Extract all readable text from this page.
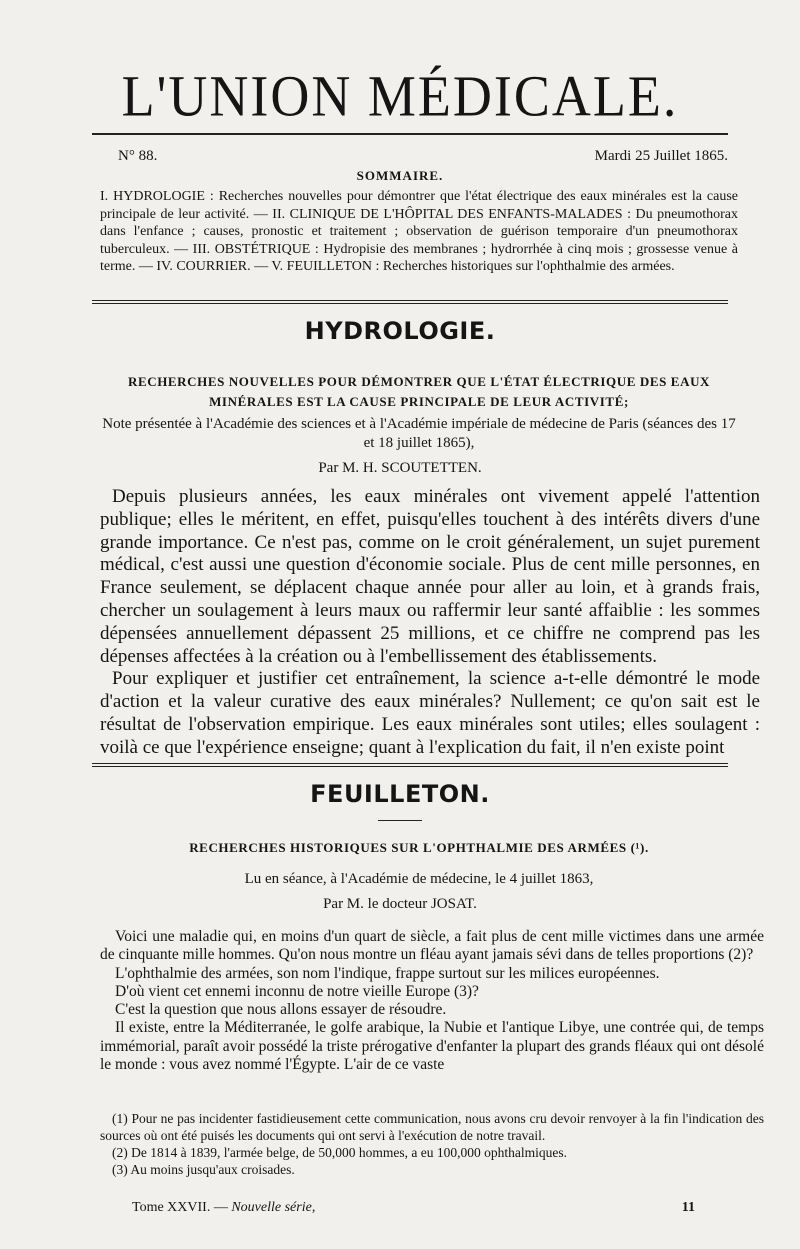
L'UNION MÉDICALE.
N° 88.	Mardi 25 Juillet 1865.
SOMMAIRE.
I. HYDROLOGIE : Recherches nouvelles pour démontrer que l'état électrique des eaux minérales est la cause principale de leur activité. — II. CLINIQUE DE L'HÔPITAL DES ENFANTS-MALADES : Du pneumothorax dans l'enfance ; causes, pronostic et traitement ; observation de guérison temporaire d'un pneumothorax tuberculeux. — III. OBSTÉTRIQUE : Hydropisie des membranes ; hydrorrhée à cinq mois ; grossesse venue à terme. — IV. COURRIER. — V. FEUILLETON : Recherches historiques sur l'ophthalmie des armées.
HYDROLOGIE.
RECHERCHES NOUVELLES POUR DÉMONTRER QUE L'ÉTAT ÉLECTRIQUE DES EAUX MINÉRALES EST LA CAUSE PRINCIPALE DE LEUR ACTIVITÉ;
Note présentée à l'Académie des sciences et à l'Académie impériale de médecine de Paris (séances des 17 et 18 juillet 1865),
Par M. H. SCOUTETTEN.

Depuis plusieurs années, les eaux minérales ont vivement appelé l'attention publique; elles le méritent, en effet, puisqu'elles touchent à des intérêts divers d'une grande importance. Ce n'est pas, comme on le croit généralement, un sujet purement médical, c'est aussi une question d'économie sociale. Plus de cent mille personnes, en France seulement, se déplacent chaque année pour aller au loin, et à grands frais, chercher un soulagement à leurs maux ou raffermir leur santé affaiblie : les sommes dépensées annuellement dépassent 25 millions, et ce chiffre ne comprend pas les dépenses affectées à la création ou à l'embellissement des établissements.

Pour expliquer et justifier cet entraînement, la science a-t-elle démontré le mode d'action et la valeur curative des eaux minérales? Nullement; ce qu'on sait est le résultat de l'observation empirique. Les eaux minérales sont utiles; elles soulagent : voilà ce que l'expérience enseigne; quant à l'explication du fait, il n'en existe point

FEUILLETON.
RECHERCHES HISTORIQUES SUR L'OPHTHALMIE DES ARMÉES (¹).
Lu en séance, à l'Académie de médecine, le 4 juillet 1863,
Par M. le docteur JOSAT.

Voici une maladie qui, en moins d'un quart de siècle, a fait plus de cent mille victimes dans une armée de cinquante mille hommes. Qu'on nous montre un fléau ayant jamais sévi dans de telles proportions (2)?

L'ophthalmie des armées, son nom l'indique, frappe surtout sur les milices européennes.

D'où vient cet ennemi inconnu de notre vieille Europe (3)?

C'est la question que nous allons essayer de résoudre.

Il existe, entre la Méditerranée, le golfe arabique, la Nubie et l'antique Libye, une contrée qui, de temps immémorial, paraît avoir possédé la triste prérogative d'enfanter la plupart des grands fléaux qui ont désolé le monde : vous avez nommé l'Égypte. L'air de ce vaste

(1) Pour ne pas incidenter fastidieusement cette communication, nous avons cru devoir renvoyer à la fin l'indication des sources où ont été puisés les documents qui ont servi à l'exécution de notre travail.

(2) De 1814 à 1839, l'armée belge, de 50,000 hommes, a eu 100,000 ophthalmiques.

(3) Au moins jusqu'aux croisades.

Tome XXVII. — Nouvelle série,	11
